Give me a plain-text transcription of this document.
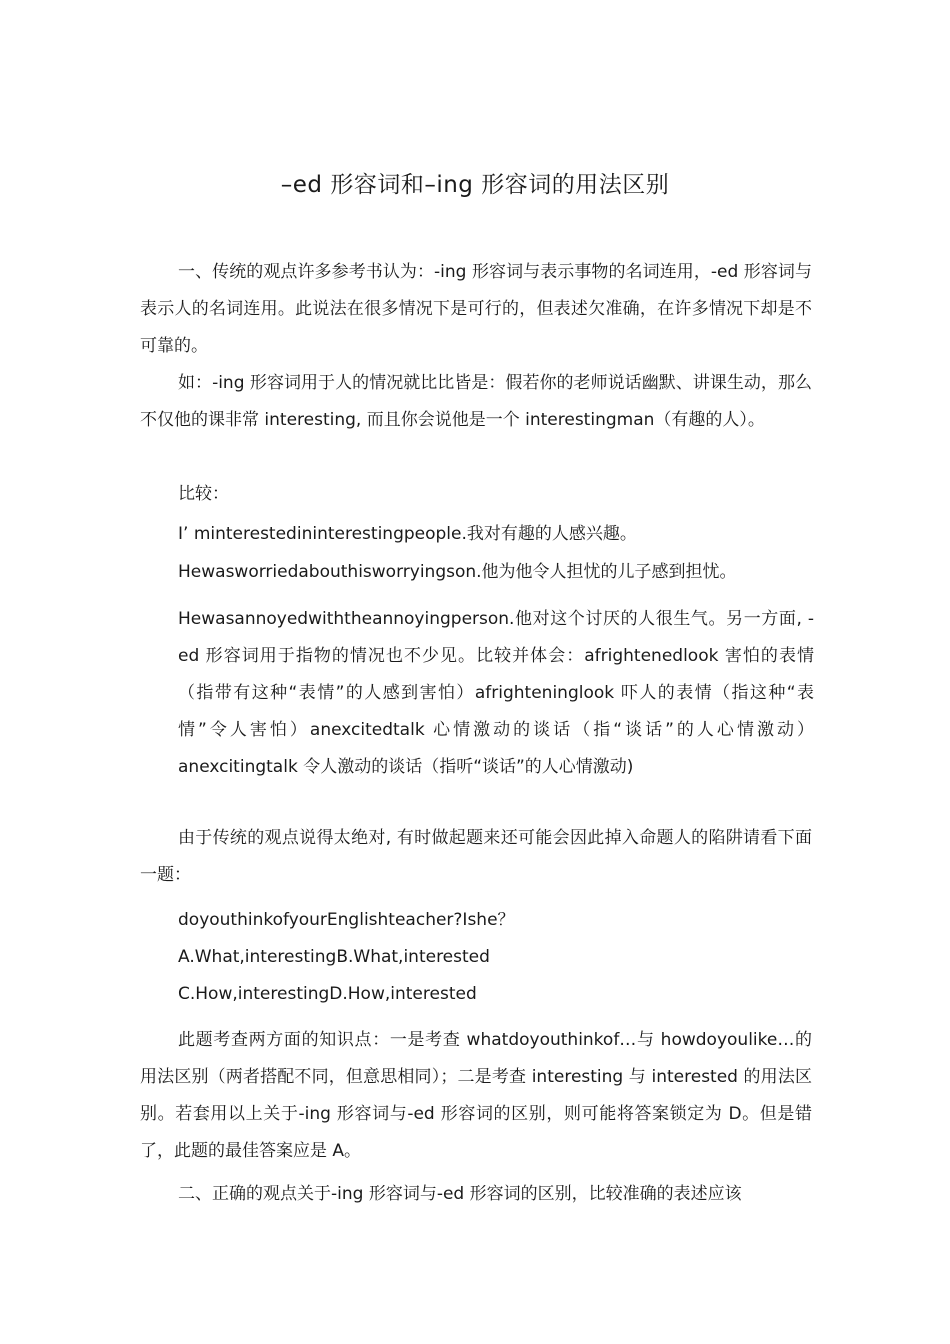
–ed 形容词和–ing 形容词的用法区别

一、传统的观点许多参考书认为：-ing 形容词与表示事物的名词连用，-ed 形容词与表示人的名词连用。此说法在很多情况下是可行的，但表述欠准确，在许多情况下却是不可靠的。

如：-ing 形容词用于人的情况就比比皆是：假若你的老师说话幽默、讲课生动，那么不仅他的课非常 interesting, 而且你会说他是一个 interestingman（有趣的人）。

比较：

I’ minterestedininterestingpeople.我对有趣的人感兴趣。

Hewasworriedabouthisworryingson.他为他令人担忧的儿子感到担忧。

Hewasannoyedwiththeannoyingperson.他对这个讨厌的人很生气。另一方面, -ed 形容词用于指物的情况也不少见。比较并体会：afrightenedlook 害怕的表情（指带有这种“表情”的人感到害怕）afrighteninglook 吓人的表情（指这种“表情”令人害怕）anexcitedtalk 心情激动的谈话（指“谈话”的人心情激动）anexcitingtalk 令人激动的谈话（指听“谈话”的人心情激动)

由于传统的观点说得太绝对, 有时做起题来还可能会因此掉入命题人的陷阱请看下面一题：

doyouthinkofyourEnglishteacher?Ishe？

A.What,interestingB.What,interested

C.How,interestingD.How,interested

此题考查两方面的知识点：一是考查 whatdoyouthinkof…与 howdoyoulike…的用法区别（两者搭配不同，但意思相同）；二是考查 interesting 与 interested 的用法区别。若套用以上关于-ing 形容词与-ed 形容词的区别，则可能将答案锁定为 D。但是错了，此题的最佳答案应是 A。

二、正确的观点关于-ing 形容词与-ed 形容词的区别，比较准确的表述应该
